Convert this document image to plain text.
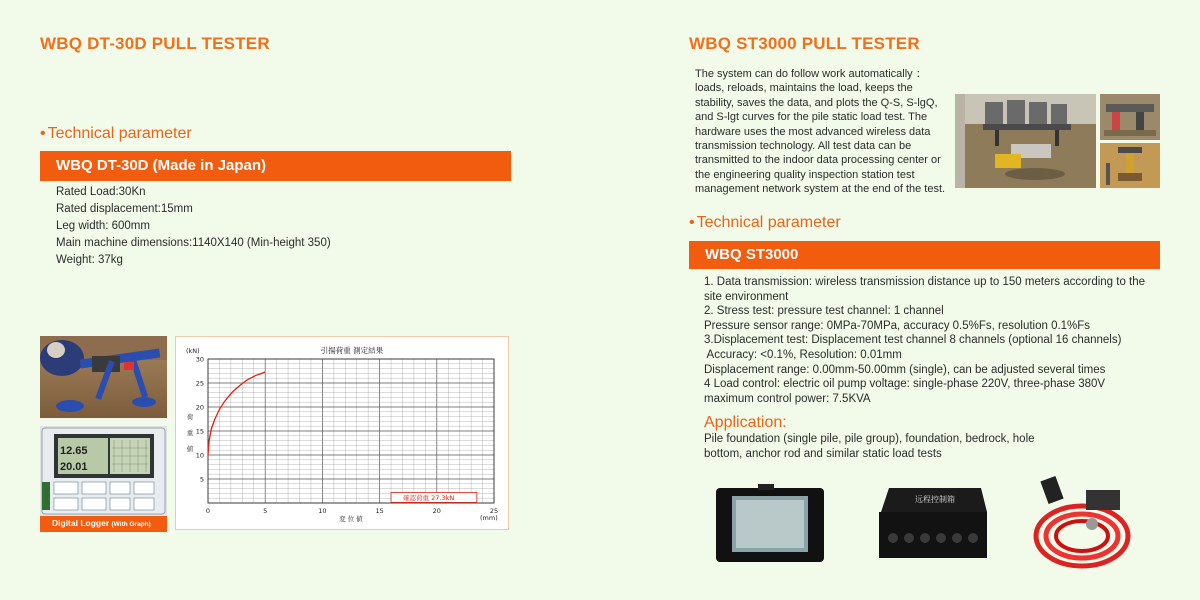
WBQ DT-30D PULL TESTER
• Technical parameter
WBQ DT-30D (Made in Japan)
Rated Load:30Kn
Rated displacement:15mm
Leg width: 600mm
Main machine dimensions:1140X140 (Min-height 350)
Weight: 37kg
12.65
20.01
Digital Logger (With Graph)
引揚荷重 測定結果
(kN)
(mm)
変 位 値
荷
重
値
0	5	10	15	20	25
5
10
15
20
25
30
確認荷重 27.3kN
WBQ ST3000 PULL TESTER
The system can do follow work automatically ：loads, reloads, maintains the load, keeps the stability, saves the data, and plots the Q-S, S-lgQ, and S-lgt curves for the pile static load test. The hardware uses the most advanced wireless data transmission technology. All test data can be transmitted to the indoor data processing center or the engineering quality inspection station test management network system at the end of the test.
• Technical parameter
WBQ ST3000
1. Data transmission: wireless transmission distance up to 150 meters according to the site environment
2. Stress test: pressure test channel: 1 channel
Pressure sensor range: 0MPa-70MPa, accuracy 0.5%Fs, resolution 0.1%Fs
3.Displacement test: Displacement test channel 8 channels (optional 16 channels)
Accuracy: <0.1%, Resolution: 0.01mm
Displacement range: 0.00mm-50.00mm (single), can be adjusted several times
4 Load control: electric oil pump voltage: single-phase 220V, three-phase 380V maximum control power: 7.5KVA
Application:
Pile foundation (single pile, pile group), foundation, bedrock, hole bottom, anchor rod and similar static load tests
远程控制箱
